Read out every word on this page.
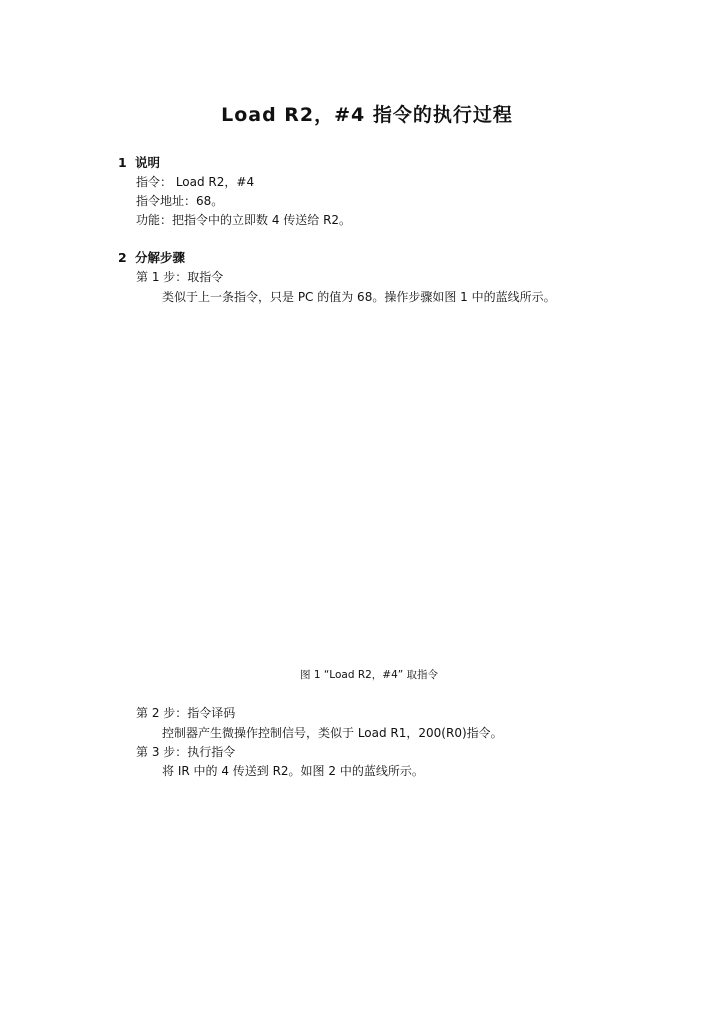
Load R2，#4 指令的执行过程
1 说明
指令： Load R2，#4
指令地址：68。
功能：把指令中的立即数 4 传送给 R2。
2 分解步骤
第 1 步：取指令
类似于上一条指令，只是 PC 的值为 68。操作步骤如图 1 中的蓝线所示。
图 1 “Load R2，#4” 取指令
第 2 步：指令译码
控制器产生微操作控制信号，类似于 Load R1，200(R0)指令。
第 3 步：执行指令
将 IR 中的 4 传送到 R2。如图 2 中的蓝线所示。
